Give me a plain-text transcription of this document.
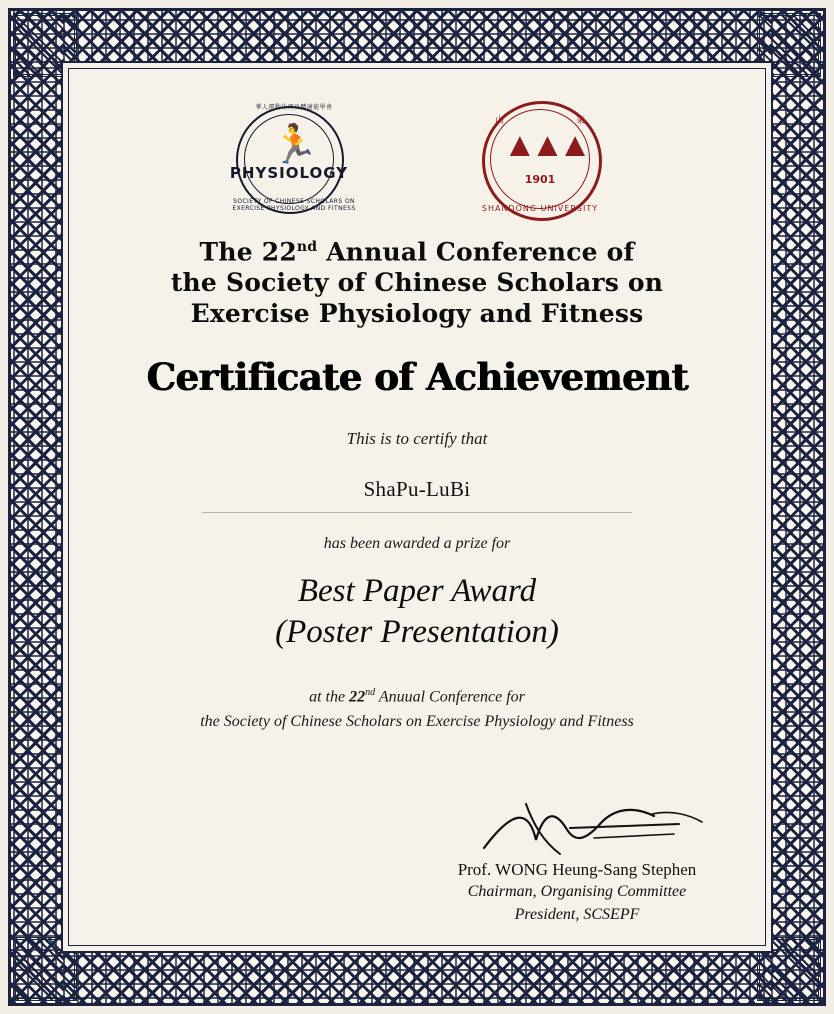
華人運動生理及體適能學會
🏃
PHYSIOLOGY
SOCIETY OF CHINESE SCHOLARS ON EXERCISE PHYSIOLOGY AND FITNESS
山	東
▲▲▲
1901
SHANDONG UNIVERSITY
The 22nd Annual Conference of
the Society of Chinese Scholars on
Exercise Physiology and Fitness
Certificate of Achievement
This is to certify that
ShaPu-LuBi
has been awarded a prize for
Best Paper Award
(Poster Presentation)
at the 22nd Anuual Conference for
the Society of Chinese Scholars on Exercise Physiology and Fitness
Prof. WONG Heung-Sang Stephen
Chairman, Organising Committee
President, SCSEPF
